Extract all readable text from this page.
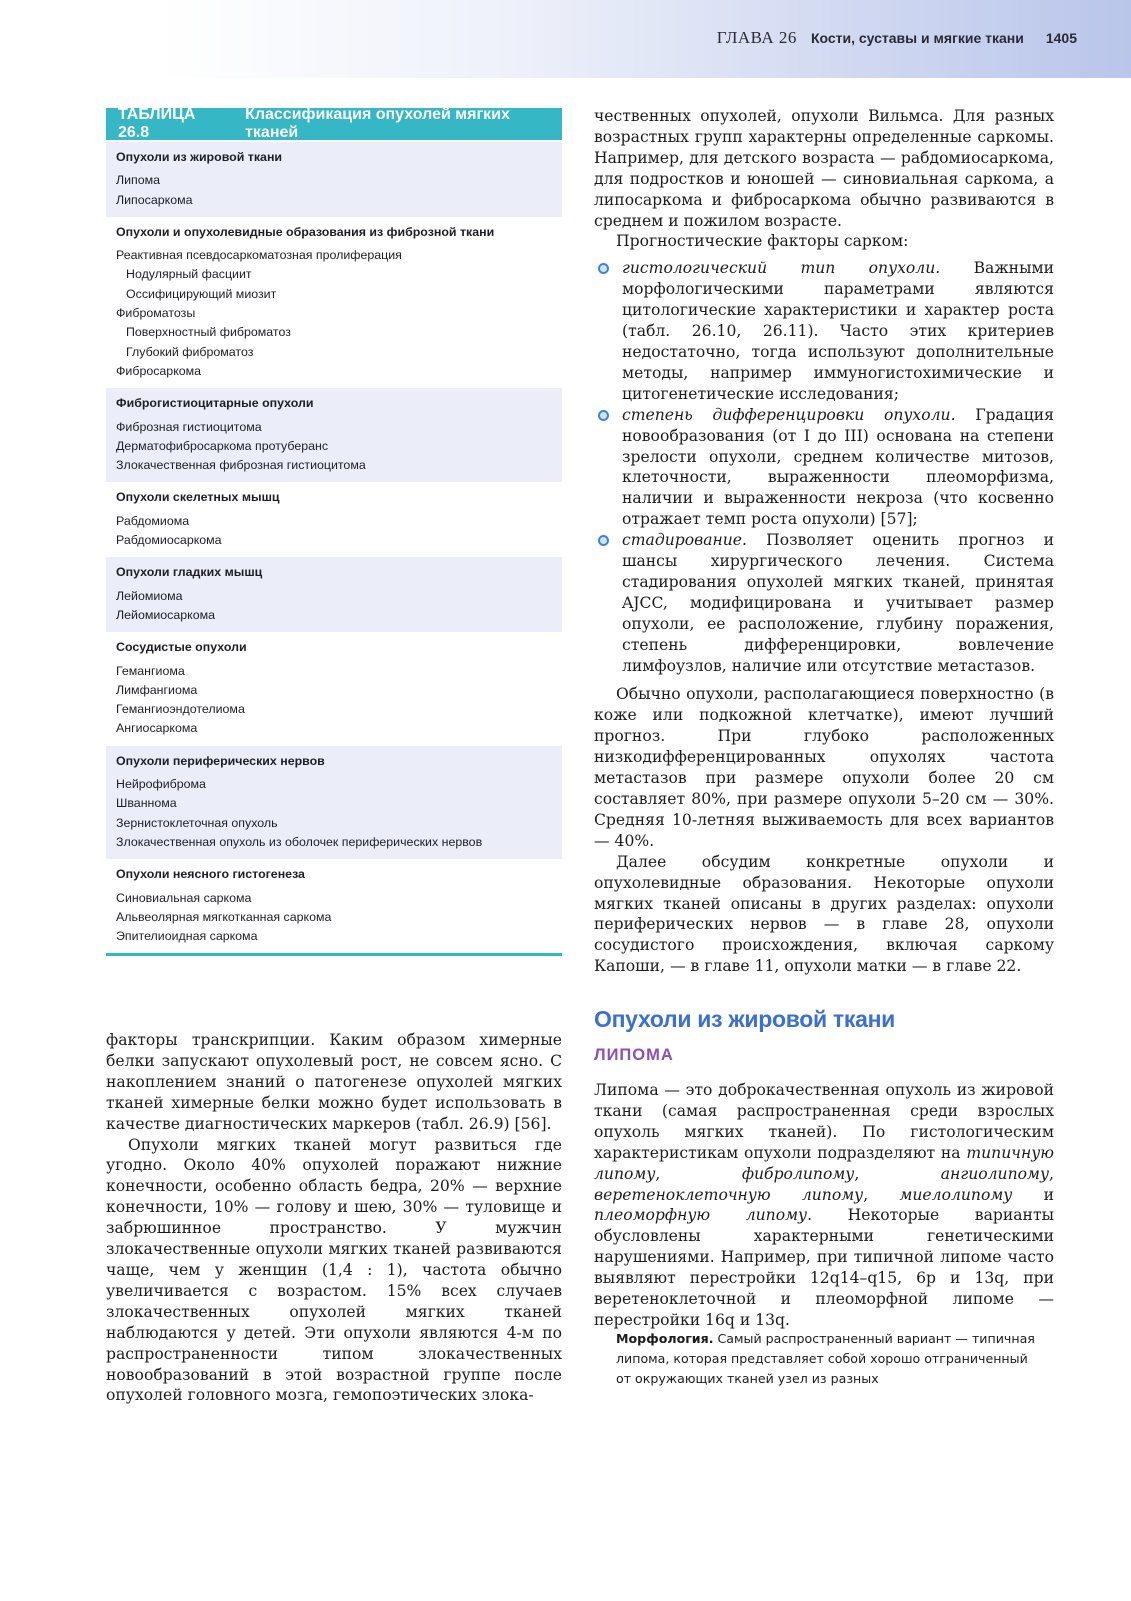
ГЛАВА 26 Кости, суставы и мягкие ткани 1405
ТАБЛИЦА 26.8
Классификация опухолей мягких тканей
Опухоли из жировой ткани
Липома
Липосаркома
Опухоли и опухолевидные образования из фиброзной ткани
Реактивная псевдосаркоматозная пролиферация
Нодулярный фасциит
Оссифицирующий миозит
Фиброматозы
Поверхностный фиброматоз
Глубокий фиброматоз
Фибросаркома
Фиброгистиоцитарные опухоли
Фиброзная гистиоцитома
Дерматофибросаркома протуберанс
Злокачественная фиброзная гистиоцитома
Опухоли скелетных мышц
Рабдомиома
Рабдомиосаркома
Опухоли гладких мышц
Лейомиома
Лейомиосаркома
Сосудистые опухоли
Гемангиома
Лимфангиома
Гемангиоэндотелиома
Ангиосаркома
Опухоли периферических нервов
Нейрофиброма
Шваннома
Зернистоклеточная опухоль
Злокачественная опухоль из оболочек периферических нервов
Опухоли неясного гистогенеза
Синовиальная саркома
Альвеолярная мягкотканная саркома
Эпителиоидная саркома

факторы транскрипции. Каким образом химерные белки запускают опухолевый рост, не совсем ясно. С накоплением знаний о патогенезе опухолей мягких тканей химерные белки можно будет использовать в качестве диагностических маркеров (табл. 26.9) [56].

Опухоли мягких тканей могут развиться где угодно. Около 40% опухолей поражают нижние конечности, особенно область бедра, 20% — верхние конечности, 10% — голову и шею, 30% — туловище и забрюшинное пространство. У мужчин злокачественные опухоли мягких тканей развиваются чаще, чем у женщин (1,4 : 1), частота обычно увеличивается с возрастом. 15% всех случаев злокачественных опухолей мягких тканей наблюдаются у детей. Эти опухоли являются 4-м по распространенности типом злокачественных новообразований в этой возрастной группе после опухолей головного мозга, гемопоэтических злока-

чественных опухолей, опухоли Вильмса. Для разных возрастных групп характерны определенные саркомы. Например, для детского возраста — рабдомиосаркома, для подростков и юношей — синовиальная саркома, а липосаркома и фибросаркома обычно развиваются в среднем и пожилом возрасте.

Прогностические факторы сарком:

гистологический тип опухоли. Важными морфологическими параметрами являются цитологические характеристики и характер роста (табл. 26.10, 26.11). Часто этих критериев недостаточно, тогда используют дополнительные методы, например иммуногистохимические и цитогенетические исследования;
степень дифференцировки опухоли. Градация новообразования (от I до III) основана на степени зрелости опухоли, среднем количестве митозов, клеточности, выраженности плеоморфизма, наличии и выраженности некроза (что косвенно отражает темп роста опухоли) [57];
стадирование. Позволяет оценить прогноз и шансы хирургического лечения. Система стадирования опухолей мягких тканей, принятая AJCC, модифицирована и учитывает размер опухоли, ее расположение, глубину поражения, степень дифференцировки, вовлечение лимфоузлов, наличие или отсутствие метастазов.

Обычно опухоли, располагающиеся поверхностно (в коже или подкожной клетчатке), имеют лучший прогноз. При глубоко расположенных низкодифференцированных опухолях частота метастазов при размере опухоли более 20 см составляет 80%, при размере опухоли 5–20 см — 30%. Средняя 10-летняя выживаемость для всех вариантов — 40%.

Далее обсудим конкретные опухоли и опухолевидные образования. Некоторые опухоли мягких тканей описаны в других разделах: опухоли периферических нервов — в главе 28, опухоли сосудистого происхождения, включая саркому Капоши, — в главе 11, опухоли матки — в главе 22.

Опухоли из жировой ткани
ЛИПОМА

Липома — это доброкачественная опухоль из жировой ткани (самая распространенная среди взрослых опухоль мягких тканей). По гистологическим характеристикам опухоли подразделяют на типичную липому, фибролипому, ангиолипому, веретеноклеточную липому, миелолипому и плеоморфную липому. Некоторые варианты обусловлены характерными генетическими нарушениями. Например, при типичной липоме часто выявляют перестройки 12q14–q15, 6p и 13q, при веретеноклеточной и плеоморфной липоме — перестройки 16q и 13q.

Морфология. Самый распространенный вариант — типичная липома, которая представляет собой хорошо отграниченный от окружающих тканей узел из разных
